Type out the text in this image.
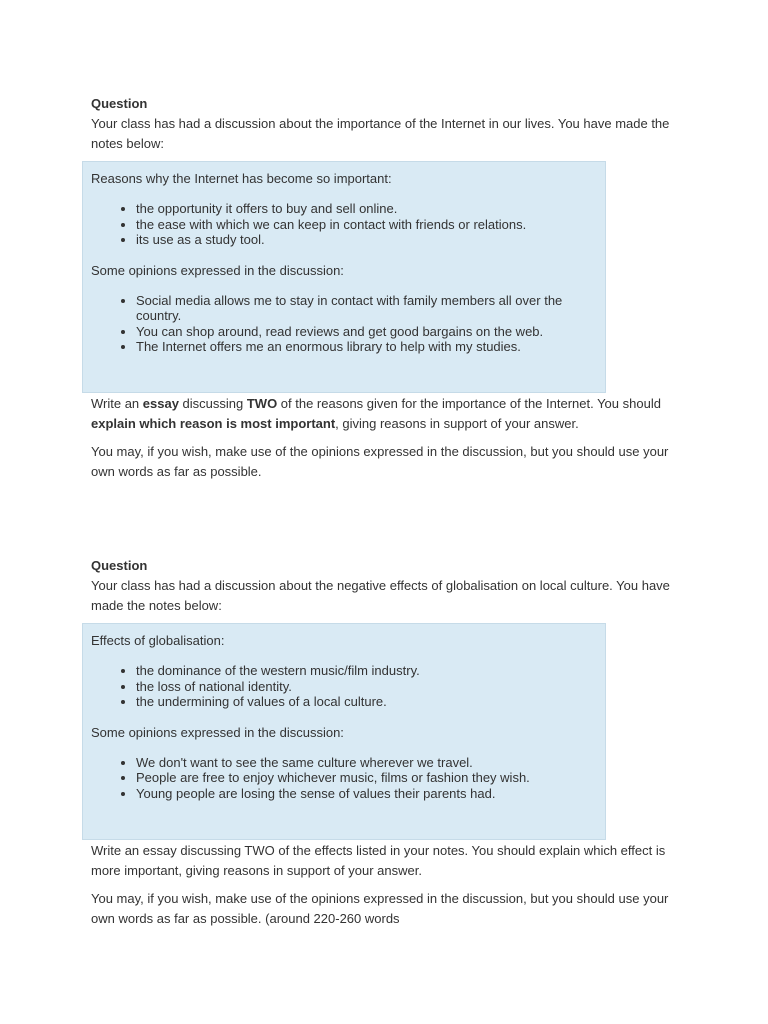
Question

Your class has had a discussion about the importance of the Internet in our lives. You have made the notes below:

Reasons why the Internet has become so important:

• the opportunity it offers to buy and sell online.
• the ease with which we can keep in contact with friends or relations.
• its use as a study tool.

Some opinions expressed in the discussion:

• Social media allows me to stay in contact with family members all over the country.
• You can shop around, read reviews and get good bargains on the web.
• The Internet offers me an enormous library to help with my studies.

Write an essay discussing TWO of the reasons given for the importance of the Internet. You should explain which reason is most important, giving reasons in support of your answer.

You may, if you wish, make use of the opinions expressed in the discussion, but you should use your own words as far as possible.

Question

Your class has had a discussion about the negative effects of globalisation on local culture. You have made the notes below:

Effects of globalisation:

• the dominance of the western music/film industry.
• the loss of national identity.
• the undermining of values of a local culture.

Some opinions expressed in the discussion:

• We don't want to see the same culture wherever we travel.
• People are free to enjoy whichever music, films or fashion they wish.
• Young people are losing the sense of values their parents had.

Write an essay discussing TWO of the effects listed in your notes. You should explain which effect is more important, giving reasons in support of your answer.

You may, if you wish, make use of the opinions expressed in the discussion, but you should use your own words as far as possible. (around 220-260 words
